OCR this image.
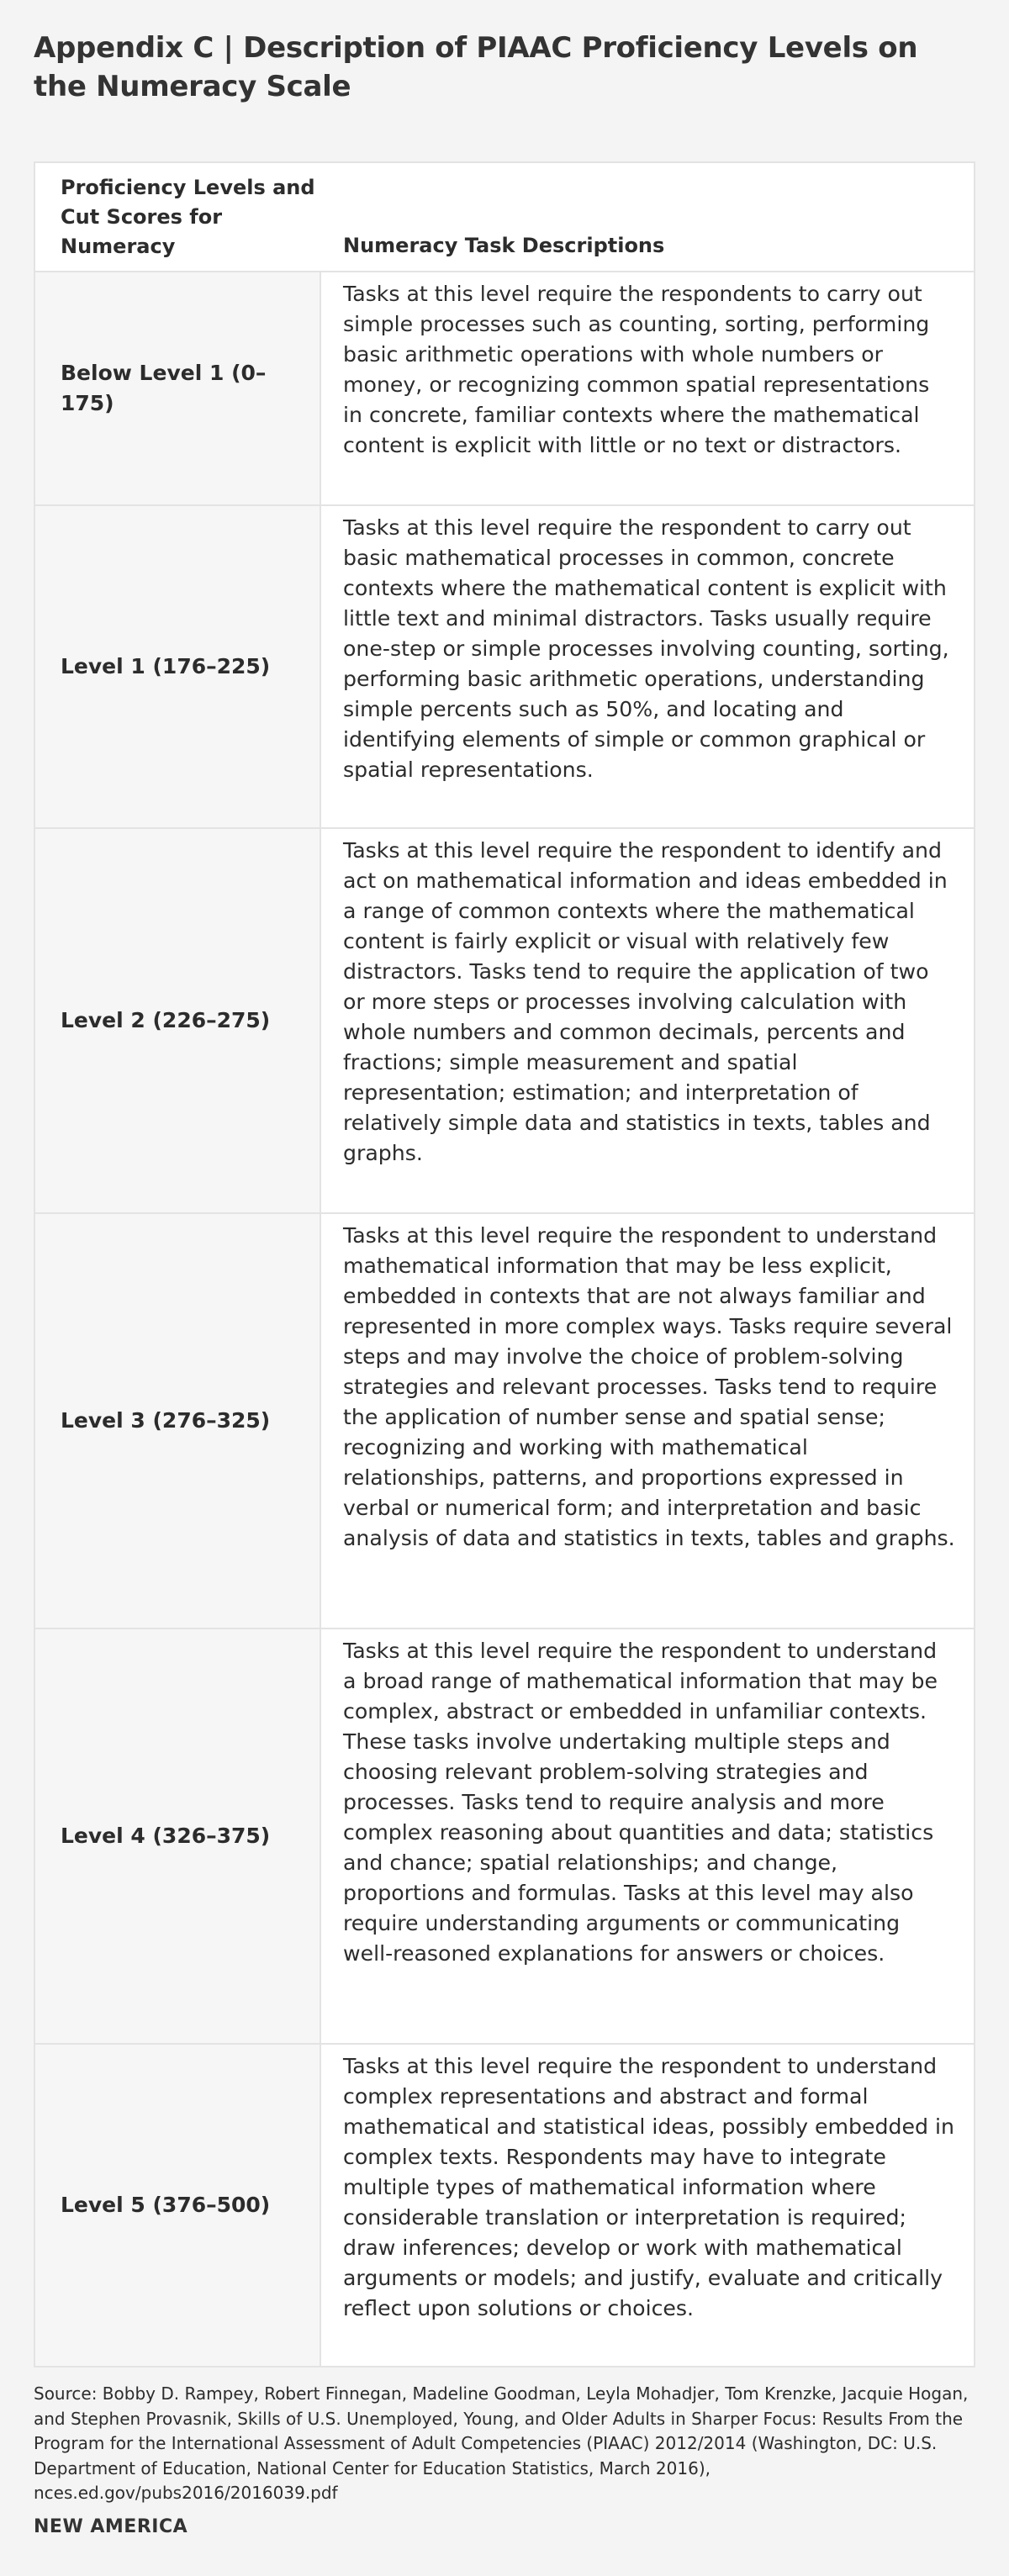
Appendix C | Description of PIAAC Proficiency Levels on the Numeracy Scale
Proficiency Levels and Cut Scores for Numeracy	Numeracy Task Descriptions
Below Level 1 (0–175)
Tasks at this level require the respondents to carry out simple processes such as counting, sorting, performing basic arithmetic operations with whole numbers or money, or recognizing common spatial representations in concrete, familiar contexts where the mathematical content is explicit with little or no text or distractors.
Level 1 (176–225)
Tasks at this level require the respondent to carry out basic mathematical processes in common, concrete contexts where the mathematical content is explicit with little text and minimal distractors. Tasks usually require one-step or simple processes involving counting, sorting, performing basic arithmetic operations, understanding simple percents such as 50%, and locating and identifying elements of simple or common graphical or spatial representations.
Level 2 (226–275)
Tasks at this level require the respondent to identify and act on mathematical information and ideas embedded in a range of common contexts where the mathematical content is fairly explicit or visual with relatively few distractors. Tasks tend to require the application of two or more steps or processes involving calculation with whole numbers and common decimals, percents and fractions; simple measurement and spatial representation; estimation; and interpretation of relatively simple data and statistics in texts, tables and graphs.
Level 3 (276–325)
Tasks at this level require the respondent to understand mathematical information that may be less explicit, embedded in contexts that are not always familiar and represented in more complex ways. Tasks require several steps and may involve the choice of problem-solving strategies and relevant processes. Tasks tend to require the application of number sense and spatial sense; recognizing and working with mathematical relationships, patterns, and proportions expressed in verbal or numerical form; and interpretation and basic analysis of data and statistics in texts, tables and graphs.
Level 4 (326–375)
Tasks at this level require the respondent to understand a broad range of mathematical information that may be complex, abstract or embedded in unfamiliar contexts. These tasks involve undertaking multiple steps and choosing relevant problem-solving strategies and processes. Tasks tend to require analysis and more complex reasoning about quantities and data; statistics and chance; spatial relationships; and change, proportions and formulas. Tasks at this level may also require understanding arguments or communicating well-reasoned explanations for answers or choices.
Level 5 (376–500)
Tasks at this level require the respondent to understand complex representations and abstract and formal mathematical and statistical ideas, possibly embedded in complex texts. Respondents may have to integrate multiple types of mathematical information where considerable translation or interpretation is required; draw inferences; develop or work with mathematical arguments or models; and justify, evaluate and critically reflect upon solutions or choices.
Source: Bobby D. Rampey, Robert Finnegan, Madeline Goodman, Leyla Mohadjer, Tom Krenzke, Jacquie Hogan, and Stephen Provasnik, Skills of U.S. Unemployed, Young, and Older Adults in Sharper Focus: Results From the Program for the International Assessment of Adult Competencies (PIAAC) 2012/2014 (Washington, DC: U.S. Department of Education, National Center for Education Statistics, March 2016), nces.ed.gov/pubs2016/2016039.pdf
NEW AMERICA
